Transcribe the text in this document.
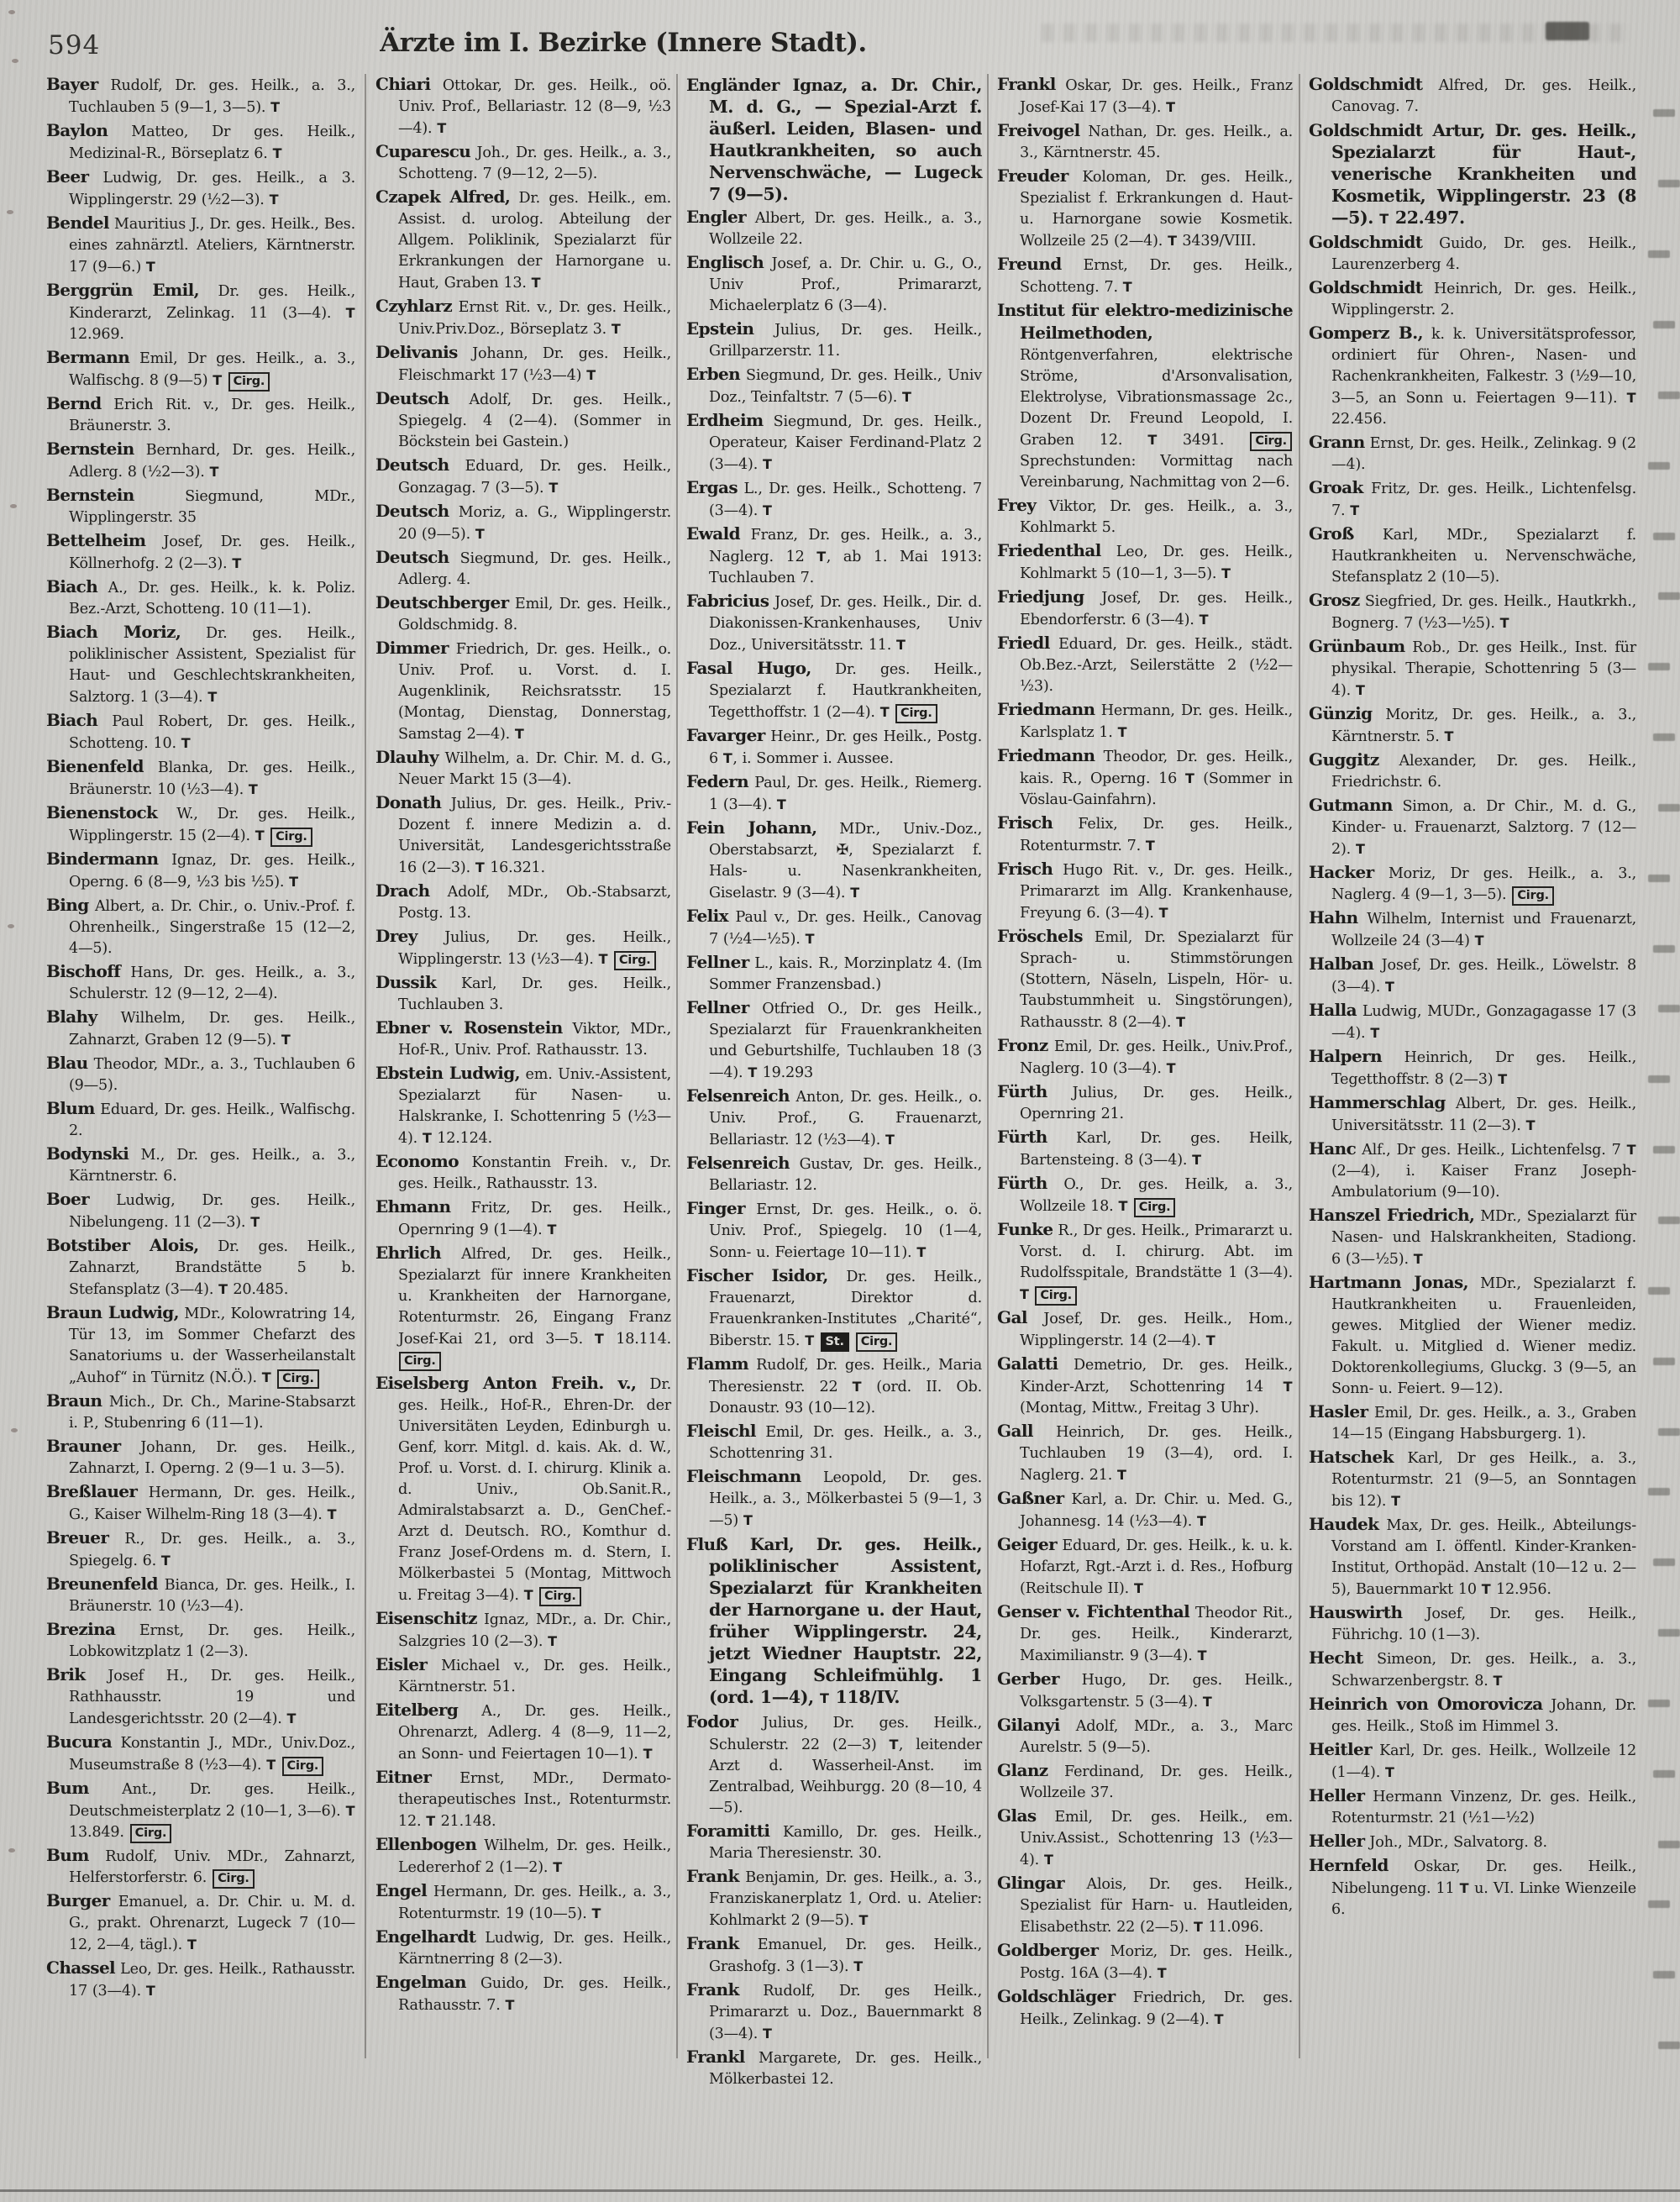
594	Ärzte im I. Bezirke (Innere Stadt).

Bayer Rudolf, Dr. ges. Heilk., a. 3., Tuchlauben 5 (9—1, 3—5). T

Baylon Matteo, Dr ges. Heilk., Medizinal-R., Börseplatz 6. T

Beer Ludwig, Dr. ges. Heilk., a 3. Wipplingerstr. 29 (½2—3). T

Bendel Mauritius J., Dr. ges. Heilk., Bes. eines zahnärztl. Ateliers, Kärntnerstr. 17 (9—6.) T

Berggrün Emil, Dr. ges. Heilk., Kinderarzt, Zelinkag. 11 (3—4). T 12.969.

Bermann Emil, Dr ges. Heilk., a. 3., Walfischg. 8 (9—5) T Cirg.

Bernd Erich Rit. v., Dr. ges. Heilk., Bräunerstr. 3.

Bernstein Bernhard, Dr. ges. Heilk., Adlerg. 8 (½2—3). T

Bernstein Siegmund, MDr., Wipplingerstr. 35

Bettelheim Josef, Dr. ges. Heilk., Köllnerhofg. 2 (2—3). T

Biach A., Dr. ges. Heilk., k. k. Poliz. Bez.-Arzt, Schotteng. 10 (11—1).

Biach Moriz, Dr. ges. Heilk., poliklinischer Assistent, Spezialist für Haut- und Geschlechtskrankheiten, Salztorg. 1 (3—4). T

Biach Paul Robert, Dr. ges. Heilk., Schotteng. 10. T

Bienenfeld Blanka, Dr. ges. Heilk., Bräunerstr. 10 (½3—4). T

Bienenstock W., Dr. ges. Heilk., Wipplingerstr. 15 (2—4). T Cirg.

Bindermann Ignaz, Dr. ges. Heilk., Operng. 6 (8—9, ½3 bis ½5). T

Bing Albert, a. Dr. Chir., o. Univ.-Prof. f. Ohrenheilk., Singerstraße 15 (12—2, 4—5).

Bischoff Hans, Dr. ges. Heilk., a. 3., Schulerstr. 12 (9—12, 2—4).

Blahy Wilhelm, Dr. ges. Heilk., Zahnarzt, Graben 12 (9—5). T

Blau Theodor, MDr., a. 3., Tuchlauben 6 (9—5).

Blum Eduard, Dr. ges. Heilk., Walfischg. 2.

Bodynski M., Dr. ges. Heilk., a. 3., Kärntnerstr. 6.

Boer Ludwig, Dr. ges. Heilk., Nibelungeng. 11 (2—3). T

Botstiber Alois, Dr. ges. Heilk., Zahnarzt, Brandstätte 5 b. Stefansplatz (3—4). T 20.485.

Braun Ludwig, MDr., Kolowratring 14, Tür 13, im Sommer Chefarzt des Sanatoriums u. der Wasserheilanstalt „Auhof“ in Türnitz (N.Ö.). T Cirg.

Braun Mich., Dr. Ch., Marine-Stabsarzt i. P., Stubenring 6 (11—1).

Brauner Johann, Dr. ges. Heilk., Zahnarzt, I. Operng. 2 (9—1 u. 3—5).

Breßlauer Hermann, Dr. ges. Heilk., G., Kaiser Wilhelm-Ring 18 (3—4). T

Breuer R., Dr. ges. Heilk., a. 3., Spiegelg. 6. T

Breunenfeld Bianca, Dr. ges. Heilk., I. Bräunerstr. 10 (½3—4).

Brezina Ernst, Dr. ges. Heilk., Lobkowitzplatz 1 (2—3).

Brik Josef H., Dr. ges. Heilk., Rathhausstr. 19 und Landesgerichtsstr. 20 (2—4). T

Bucura Konstantin J., MDr., Univ.Doz., Museumstraße 8 (½3—4). T Cirg.

Bum Ant., Dr. ges. Heilk., Deutschmeisterplatz 2 (10—1, 3—6). T 13.849. Cirg.

Bum Rudolf, Univ. MDr., Zahnarzt, Helferstorferstr. 6. Cirg.

Burger Emanuel, a. Dr. Chir. u. M. d. G., prakt. Ohrenarzt, Lugeck 7 (10—12, 2—4, tägl.). T

Chassel Leo, Dr. ges. Heilk., Rathausstr. 17 (3—4). T

Chiari Ottokar, Dr. ges. Heilk., oö. Univ. Prof., Bellariastr. 12 (8—9, ½3—4). T

Cuparescu Joh., Dr. ges. Heilk., a. 3., Schotteng. 7 (9—12, 2—5).

Czapek Alfred, Dr. ges. Heilk., em. Assist. d. urolog. Abteilung der Allgem. Poliklinik, Spezialarzt für Erkrankungen der Harnorgane u. Haut, Graben 13. T

Czyhlarz Ernst Rit. v., Dr. ges. Heilk., Univ.Priv.Doz., Börseplatz 3. T

Delivanis Johann, Dr. ges. Heilk., Fleischmarkt 17 (½3—4) T

Deutsch Adolf, Dr. ges. Heilk., Spiegelg. 4 (2—4). (Sommer in Böckstein bei Gastein.)

Deutsch Eduard, Dr. ges. Heilk., Gonzagag. 7 (3—5). T

Deutsch Moriz, a. G., Wipplingerstr. 20 (9—5). T

Deutsch Siegmund, Dr. ges. Heilk., Adlerg. 4.

Deutschberger Emil, Dr. ges. Heilk., Goldschmidg. 8.

Dimmer Friedrich, Dr. ges. Heilk., o. Univ. Prof. u. Vorst. d. I. Augenklinik, Reichsratsstr. 15 (Montag, Dienstag, Donnerstag, Samstag 2—4). T

Dlauhy Wilhelm, a. Dr. Chir. M. d. G., Neuer Markt 15 (3—4).

Donath Julius, Dr. ges. Heilk., Priv.-Dozent f. innere Medizin a. d. Universität, Landesgerichtsstraße 16 (2—3). T 16.321.

Drach Adolf, MDr., Ob.-Stabsarzt, Postg. 13.

Drey Julius, Dr. ges. Heilk., Wipplingerstr. 13 (½3—4). T Cirg.

Dussik Karl, Dr. ges. Heilk., Tuchlauben 3.

Ebner v. Rosenstein Viktor, MDr., Hof-R., Univ. Prof. Rathausstr. 13.

Ebstein Ludwig, em. Univ.-Assistent, Spezialarzt für Nasen- u. Halskranke, I. Schottenring 5 (½3—4). T 12.124.

Economo Konstantin Freih. v., Dr. ges. Heilk., Rathausstr. 13.

Ehmann Fritz, Dr. ges. Heilk., Opernring 9 (1—4). T

Ehrlich Alfred, Dr. ges. Heilk., Spezialarzt für innere Krankheiten u. Krankheiten der Harnorgane, Rotenturmstr. 26, Eingang Franz Josef-Kai 21, ord 3—5. T 18.114. Cirg.

Eiselsberg Anton Freih. v., Dr. ges. Heilk., Hof-R., Ehren-Dr. der Universitäten Leyden, Edinburgh u. Genf, korr. Mitgl. d. kais. Ak. d. W., Prof. u. Vorst. d. I. chirurg. Klinik a. d. Univ., Ob.Sanit.R., Admiralstabsarzt a. D., GenChef.-Arzt d. Deutsch. RO., Komthur d. Franz Josef-Ordens m. d. Stern, I. Mölkerbastei 5 (Montag, Mittwoch u. Freitag 3—4). T Cirg.

Eisenschitz Ignaz, MDr., a. Dr. Chir., Salzgries 10 (2—3). T

Eisler Michael v., Dr. ges. Heilk., Kärntnerstr. 51.

Eitelberg A., Dr. ges. Heilk., Ohrenarzt, Adlerg. 4 (8—9, 11—2, an Sonn- und Feiertagen 10—1). T

Eitner Ernst, MDr., Dermato-therapeutisches Inst., Rotenturmstr. 12. T 21.148.

Ellenbogen Wilhelm, Dr. ges. Heilk., Ledererhof 2 (1—2). T

Engel Hermann, Dr. ges. Heilk., a. 3., Rotenturmstr. 19 (10—5). T

Engelhardt Ludwig, Dr. ges. Heilk., Kärntnerring 8 (2—3).

Engelman Guido, Dr. ges. Heilk., Rathausstr. 7. T

Engländer Ignaz, a. Dr. Chir., M. d. G., — Spezial-Arzt f. äußerl. Leiden, Blasen- und Hautkrankheiten, so auch Nervenschwäche, — Lugeck 7 (9—5).

Engler Albert, Dr. ges. Heilk., a. 3., Wollzeile 22.

Englisch Josef, a. Dr. Chir. u. G., O., Univ Prof., Primararzt, Michaelerplatz 6 (3—4).

Epstein Julius, Dr. ges. Heilk., Grillparzerstr. 11.

Erben Siegmund, Dr. ges. Heilk., Univ Doz., Teinfaltstr. 7 (5—6). T

Erdheim Siegmund, Dr. ges. Heilk., Operateur, Kaiser Ferdinand-Platz 2 (3—4). T

Ergas L., Dr. ges. Heilk., Schotteng. 7 (3—4). T

Ewald Franz, Dr. ges. Heilk., a. 3., Naglerg. 12 T, ab 1. Mai 1913: Tuchlauben 7.

Fabricius Josef, Dr. ges. Heilk., Dir. d. Diakonissen-Krankenhauses, Univ Doz., Universitätsstr. 11. T

Fasal Hugo, Dr. ges. Heilk., Spezialarzt f. Hautkrankheiten, Tegetthoffstr. 1 (2—4). T Cirg.

Favarger Heinr., Dr. ges Heilk., Postg. 6 T, i. Sommer i. Aussee.

Federn Paul, Dr. ges. Heilk., Riemerg. 1 (3—4). T

Fein Johann, MDr., Univ.-Doz., Oberstabsarzt, ✠, Spezialarzt f. Hals- u. Nasenkrankheiten, Giselastr. 9 (3—4). T

Felix Paul v., Dr. ges. Heilk., Canovag 7 (½4—½5). T

Fellner L., kais. R., Morzinplatz 4. (Im Sommer Franzensbad.)

Fellner Otfried O., Dr. ges Heilk., Spezialarzt für Frauenkrankheiten und Geburtshilfe, Tuchlauben 18 (3—4). T 19.293

Felsenreich Anton, Dr. ges. Heilk., o. Univ. Prof., G. Frauenarzt, Bellariastr. 12 (½3—4). T

Felsenreich Gustav, Dr. ges. Heilk., Bellariastr. 12.

Finger Ernst, Dr. ges. Heilk., o. ö. Univ. Prof., Spiegelg. 10 (1—4, Sonn- u. Feiertage 10—11). T

Fischer Isidor, Dr. ges. Heilk., Frauenarzt, Direktor d. Frauenkranken-Institutes „Charité“, Biberstr. 15. T St. Cirg.

Flamm Rudolf, Dr. ges. Heilk., Maria Theresienstr. 22 T (ord. II. Ob. Donaustr. 93 (10—12).

Fleischl Emil, Dr. ges. Heilk., a. 3., Schottenring 31.

Fleischmann Leopold, Dr. ges. Heilk., a. 3., Mölkerbastei 5 (9—1, 3—5) T

Fluß Karl, Dr. ges. Heilk., poliklinischer Assistent, Spezialarzt für Krankheiten der Harnorgane u. der Haut, früher Wipplingerstr. 24, jetzt Wiedner Hauptstr. 22, Eingang Schleifmühlg. 1 (ord. 1—4), T 118/IV.

Fodor Julius, Dr. ges. Heilk., Schulerstr. 22 (2—3) T, leitender Arzt d. Wasserheil-Anst. im Zentralbad, Weihburgg. 20 (8—10, 4—5).

Foramitti Kamillo, Dr. ges. Heilk., Maria Theresienstr. 30.

Frank Benjamin, Dr. ges. Heilk., a. 3., Franziskanerplatz 1, Ord. u. Atelier: Kohlmarkt 2 (9—5). T

Frank Emanuel, Dr. ges. Heilk., Grashofg. 3 (1—3). T

Frank Rudolf, Dr. ges Heilk., Primararzt u. Doz., Bauernmarkt 8 (3—4). T

Frankl Margarete, Dr. ges. Heilk., Mölkerbastei 12.

Frankl Oskar, Dr. ges. Heilk., Franz Josef-Kai 17 (3—4). T

Freivogel Nathan, Dr. ges. Heilk., a. 3., Kärntnerstr. 45.

Freuder Koloman, Dr. ges. Heilk., Spezialist f. Erkrankungen d. Haut- u. Harnorgane sowie Kosmetik. Wollzeile 25 (2—4). T 3439/VIII.

Freund Ernst, Dr. ges. Heilk., Schotteng. 7. T

Institut für elektro-medizinische Heilmethoden, Röntgenverfahren, elektrische Ströme, d'Arsonvalisation, Elektrolyse, Vibrationsmassage 2c., Dozent Dr. Freund Leopold, I. Graben 12. T 3491. Cirg. Sprechstunden: Vormittag nach Vereinbarung, Nachmittag von 2—6.

Frey Viktor, Dr. ges. Heilk., a. 3., Kohlmarkt 5.

Friedenthal Leo, Dr. ges. Heilk., Kohlmarkt 5 (10—1, 3—5). T

Friedjung Josef, Dr. ges. Heilk., Ebendorferstr. 6 (3—4). T

Friedl Eduard, Dr. ges. Heilk., städt. Ob.Bez.-Arzt, Seilerstätte 2 (½2—½3).

Friedmann Hermann, Dr. ges. Heilk., Karlsplatz 1. T

Friedmann Theodor, Dr. ges. Heilk., kais. R., Operng. 16 T (Sommer in Vöslau-Gainfahrn).

Frisch Felix, Dr. ges. Heilk., Rotenturmstr. 7. T

Frisch Hugo Rit. v., Dr. ges. Heilk., Primararzt im Allg. Krankenhause, Freyung 6. (3—4). T

Fröschels Emil, Dr. Spezialarzt für Sprach- u. Stimmstörungen (Stottern, Näseln, Lispeln, Hör- u. Taubstummheit u. Singstörungen), Rathausstr. 8 (2—4). T

Fronz Emil, Dr. ges. Heilk., Univ.Prof., Naglerg. 10 (3—4). T

Fürth Julius, Dr. ges. Heilk., Opernring 21.

Fürth Karl, Dr. ges. Heilk, Bartensteing. 8 (3—4). T

Fürth O., Dr. ges. Heilk, a. 3., Wollzeile 18. T Cirg.

Funke R., Dr ges. Heilk., Primararzt u. Vorst. d. I. chirurg. Abt. im Rudolfsspitale, Brandstätte 1 (3—4). T Cirg.

Gal Josef, Dr. ges. Heilk., Hom., Wipplingerstr. 14 (2—4). T

Galatti Demetrio, Dr. ges. Heilk., Kinder-Arzt, Schottenring 14 T (Montag, Mittw., Freitag 3 Uhr).

Gall Heinrich, Dr. ges. Heilk., Tuchlauben 19 (3—4), ord. I. Naglerg. 21. T

Gaßner Karl, a. Dr. Chir. u. Med. G., Johannesg. 14 (½3—4). T

Geiger Eduard, Dr. ges. Heilk., k. u. k. Hofarzt, Rgt.-Arzt i. d. Res., Hofburg (Reitschule II). T

Genser v. Fichtenthal Theodor Rit., Dr. ges. Heilk., Kinderarzt, Maximilianstr. 9 (3—4). T

Gerber Hugo, Dr. ges. Heilk., Volksgartenstr. 5 (3—4). T

Gilanyi Adolf, MDr., a. 3., Marc Aurelstr. 5 (9—5).

Glanz Ferdinand, Dr. ges. Heilk., Wollzeile 37.

Glas Emil, Dr. ges. Heilk., em. Univ.Assist., Schottenring 13 (½3—4). T

Glingar Alois, Dr. ges. Heilk., Spezialist für Harn- u. Hautleiden, Elisabethstr. 22 (2—5). T 11.096.

Goldberger Moriz, Dr. ges. Heilk., Postg. 16A (3—4). T

Goldschläger Friedrich, Dr. ges. Heilk., Zelinkag. 9 (2—4). T

Goldschmidt Alfred, Dr. ges. Heilk., Canovag. 7.

Goldschmidt Artur, Dr. ges. Heilk., Spezialarzt für Haut-, venerische Krankheiten und Kosmetik, Wipplingerstr. 23 (8—5). T 22.497.

Goldschmidt Guido, Dr. ges. Heilk., Laurenzerberg 4.

Goldschmidt Heinrich, Dr. ges. Heilk., Wipplingerstr. 2.

Gomperz B., k. k. Universitätsprofessor, ordiniert für Ohren-, Nasen- und Rachenkrankheiten, Falkestr. 3 (½9—10, 3—5, an Sonn u. Feiertagen 9—11). T 22.456.

Grann Ernst, Dr. ges. Heilk., Zelinkag. 9 (2—4).

Groak Fritz, Dr. ges. Heilk., Lichtenfelsg. 7. T

Groß Karl, MDr., Spezialarzt f. Hautkrankheiten u. Nervenschwäche, Stefansplatz 2 (10—5).

Grosz Siegfried, Dr. ges. Heilk., Hautkrkh., Bognerg. 7 (½3—½5). T

Grünbaum Rob., Dr. ges Heilk., Inst. für physikal. Therapie, Schottenring 5 (3—4). T

Günzig Moritz, Dr. ges. Heilk., a. 3., Kärntnerstr. 5. T

Guggitz Alexander, Dr. ges. Heilk., Friedrichstr. 6.

Gutmann Simon, a. Dr Chir., M. d. G., Kinder- u. Frauenarzt, Salztorg. 7 (12—2). T

Hacker Moriz, Dr ges. Heilk., a. 3., Naglerg. 4 (9—1, 3—5). Cirg.

Hahn Wilhelm, Internist und Frauenarzt, Wollzeile 24 (3—4) T

Halban Josef, Dr. ges. Heilk., Löwelstr. 8 (3—4). T

Halla Ludwig, MUDr., Gonzagagasse 17 (3—4). T

Halpern Heinrich, Dr ges. Heilk., Tegetthoffstr. 8 (2—3) T

Hammerschlag Albert, Dr. ges. Heilk., Universitätsstr. 11 (2—3). T

Hanc Alf., Dr ges. Heilk., Lichtenfelsg. 7 T (2—4), i. Kaiser Franz Joseph-Ambulatorium (9—10).

Hanszel Friedrich, MDr., Spezialarzt für Nasen- und Halskrankheiten, Stadiong. 6 (3—½5). T

Hartmann Jonas, MDr., Spezialarzt f. Hautkrankheiten u. Frauenleiden, gewes. Mitglied der Wiener mediz. Fakult. u. Mitglied d. Wiener mediz. Doktorenkollegiums, Gluckg. 3 (9—5, an Sonn- u. Feiert. 9—12).

Hasler Emil, Dr. ges. Heilk., a. 3., Graben 14—15 (Eingang Habsburgerg. 1).

Hatschek Karl, Dr ges Heilk., a. 3., Rotenturmstr. 21 (9—5, an Sonntagen bis 12). T

Haudek Max, Dr. ges. Heilk., Abteilungs-Vorstand am I. öffentl. Kinder-Kranken-Institut, Orthopäd. Anstalt (10—12 u. 2—5), Bauernmarkt 10 T 12.956.

Hauswirth Josef, Dr. ges. Heilk., Führichg. 10 (1—3).

Hecht Simeon, Dr. ges. Heilk., a. 3., Schwarzenbergstr. 8. T

Heinrich von Omorovicza Johann, Dr. ges. Heilk., Stoß im Himmel 3.

Heitler Karl, Dr. ges. Heilk., Wollzeile 12 (1—4). T

Heller Hermann Vinzenz, Dr. ges. Heilk., Rotenturmstr. 21 (½1—½2)

Heller Joh., MDr., Salvatorg. 8.

Hernfeld Oskar, Dr. ges. Heilk., Nibelungeng. 11 T u. VI. Linke Wienzeile 6.
